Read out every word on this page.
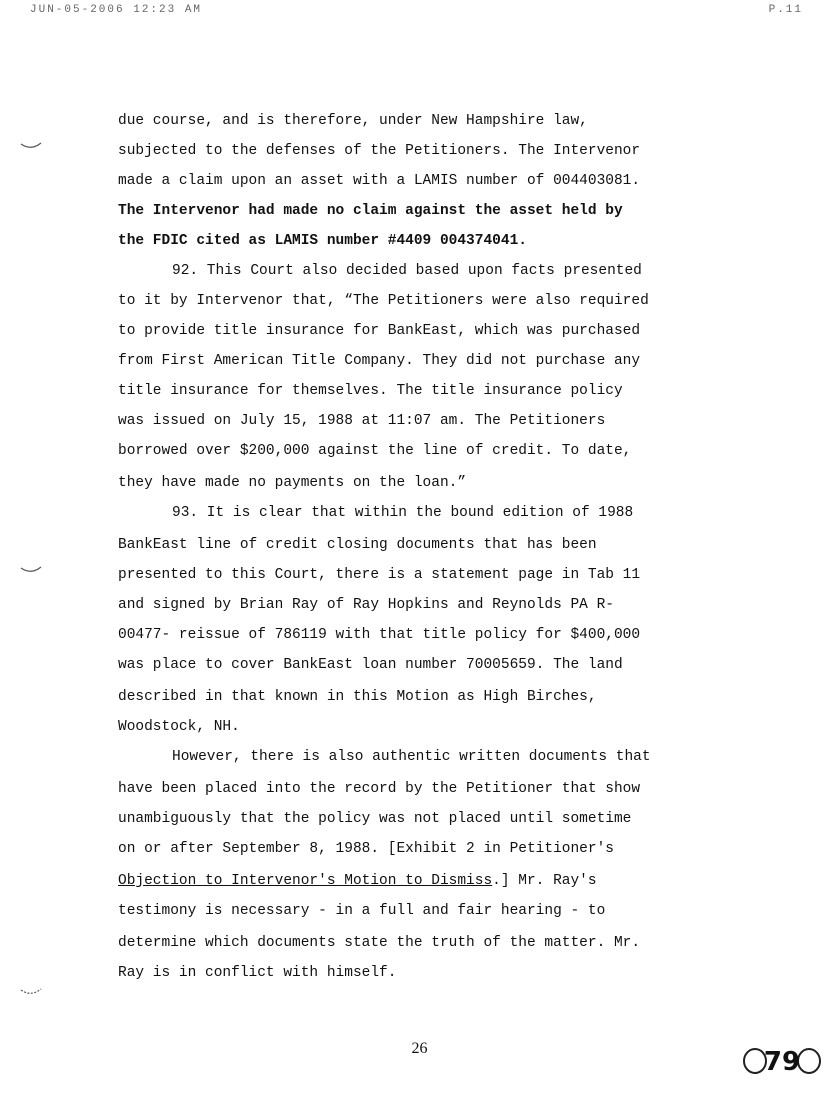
JUN-05-2006 12:23 AM	P.11
due course, and is therefore, under New Hampshire law,
subjected to the defenses of the Petitioners. The Intervenor
made a claim upon an asset with a LAMIS number of 004403081.
The Intervenor had made no claim against the asset held by
the FDIC cited as LAMIS number #4409 004374041.
92. This Court also decided based upon facts presented
to it by Intervenor that, “The Petitioners were also required
to provide title insurance for BankEast, which was purchased
from First American Title Company. They did not purchase any
title insurance for themselves. The title insurance policy
was issued on July 15, 1988 at 11:07 am. The Petitioners
borrowed over $200,000 against the line of credit. To date,
they have made no payments on the loan.”
93. It is clear that within the bound edition of 1988
BankEast line of credit closing documents that has been
presented to this Court, there is a statement page in Tab 11
and signed by Brian Ray of Ray Hopkins and Reynolds PA R-
00477- reissue of 786119 with that title policy for $400,000
was place to cover BankEast loan number 70005659. The land
described in that known in this Motion as High Birches,
Woodstock, NH.
However, there is also authentic written documents that
have been placed into the record by the Petitioner that show
unambiguously that the policy was not placed until sometime
on or after September 8, 1988. [Exhibit 2 in Petitioner's
Objection to Intervenor's Motion to Dismiss.] Mr. Ray's
testimony is necessary - in a full and fair hearing - to
determine which documents state the truth of the matter. Mr.
Ray is in conflict with himself.
26	79
